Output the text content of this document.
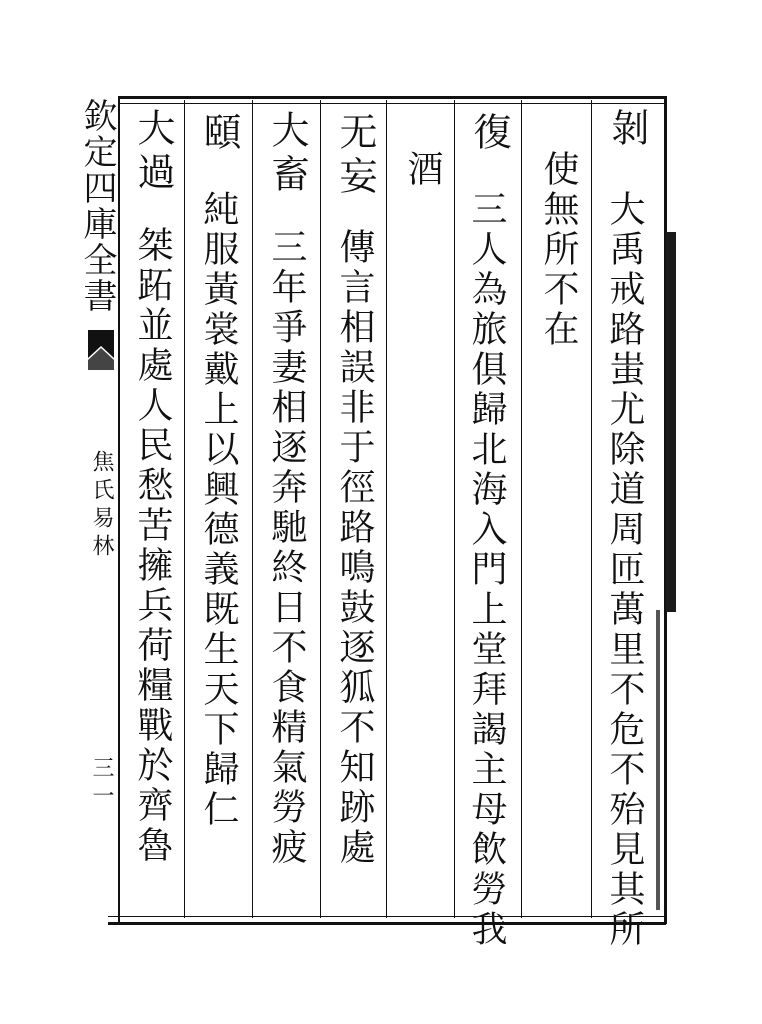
欽定四庫全書
焦氏易林
三一
剝
大禹戒路蚩尤除道周匝萬里不危不殆見其所
使無所不在
復
三人為旅俱歸北海入門上堂拜謁主母飲勞我
酒
无妄
傳言相誤非于徑路鳴鼓逐狐不知跡處
大畜
三年爭妻相逐奔馳終日不食精氣勞疲
頤
純服黃裳戴上以興德義既生天下歸仁
大過
桀跖並處人民愁苦擁兵荷糧戰於齊魯
